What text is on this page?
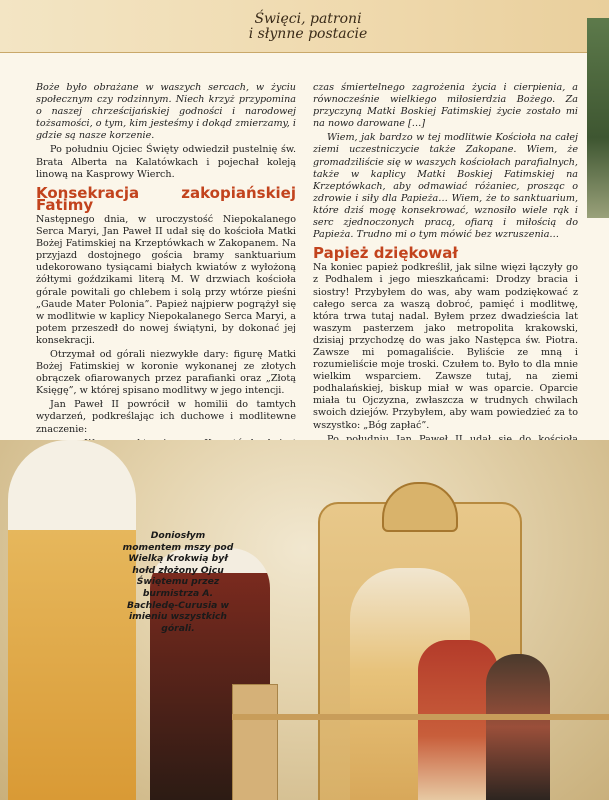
Święci, patroni
i słynne postacie

Boże było obrażane w waszych sercach, w życiu społecznym czy rodzinnym. Niech krzyż przypomina o naszej chrześcijańskiej godności i narodowej tożsamości, o tym, kim jesteśmy i dokąd zmierzamy, i gdzie są nasze korzenie.

Po południu Ojciec Święty odwiedził pustelnię św. Brata Alberta na Kalatówkach i pojechał koleją linową na Kasprowy Wierch.

Konsekracja zakopiańskiej Fatimy

Następnego dnia, w uroczystość Niepokalanego Serca Maryi, Jan Paweł II udał się do kościoła Matki Bożej Fatimskiej na Krzeptówkach w Zakopanem. Na przyjazd dostojnego gościa bramy sanktuarium udekorowano tysiącami białych kwiatów z wyłożoną żółtymi goździkami literą M. W drzwiach kościoła górale powitali go chlebem i solą przy wtórze pieśni „Gaude Mater Polonia”. Papież najpierw pogrążył się w modlitwie w kaplicy Niepokalanego Serca Maryi, a potem przeszedł do nowej świątyni, by dokonać jej konsekracji.

Otrzymał od górali niezwykłe dary: figurę Matki Bożej Fatimskiej w koronie wykonanej ze złotych obrączek ofiarowanych przez parafianki oraz „Złotą Księgę”, w której spisano modlitwy w jego intencji.

Jan Paweł II powrócił w homilii do tamtych wydarzeń, podkreślając ich duchowe i modlitewne znaczenie:

czas śmiertelnego zagrożenia życia i cierpienia, a równocześnie wielkiego miłosierdzia Bożego. Za przyczyną Matki Boskiej Fatimskiej życie zostało mi na nowo darowane […]

Wiem, jak bardzo w tej modlitwie Kościoła na całej ziemi uczestniczycie także Zakopane. Wiem, że gromadziliście się w waszych kościołach parafialnych, także w kaplicy Matki Boskiej Fatimskiej na Krzeptówkach, aby odmawiać różaniec, prosząc o zdrowie i siły dla Papieża… Wiem, że to sanktuarium, które dziś mogę konsekrować, wznosiło wiele rąk i serc zjednoczonych pracą, ofiarą i miłością do Papieża. Trudno mi o tym mówić bez wzruszenia…

Papież dziękował

Na koniec papież podkreślił, jak silne więzi łączyły go z Podhalem i jego mieszkańcami: Drodzy bracia i siostry! Przybyłem do was, aby wam podziękować z całego serca za waszą dobroć, pamięć i modlitwę, która trwa tutaj nadal. Byłem przez dwadzieścia lat waszym pasterzem jako metropolita krakowski, dzisiaj przychodzę do was jako Następca św. Piotra. Zawsze mi pomagaliście. Byliście ze mną i rozumieliście moje troski. Czułem to. Było to dla mnie wielkim wsparciem. Zawsze tutaj, na ziemi podhalańskiej, biskup miał w was oparcie. Oparcie miała tu Ojczyzna, zwłaszcza w trudnych chwilach swoich dziejów. Przybyłem, aby wam powiedzieć za to wszystko: „Bóg zapłać”.

Doniosłym momentem mszy pod Wielką Krokwią był hołd złożony Ojcu Świętemu przez burmistrza A. Bachledę-Curusia w imieniu wszystkich górali.
